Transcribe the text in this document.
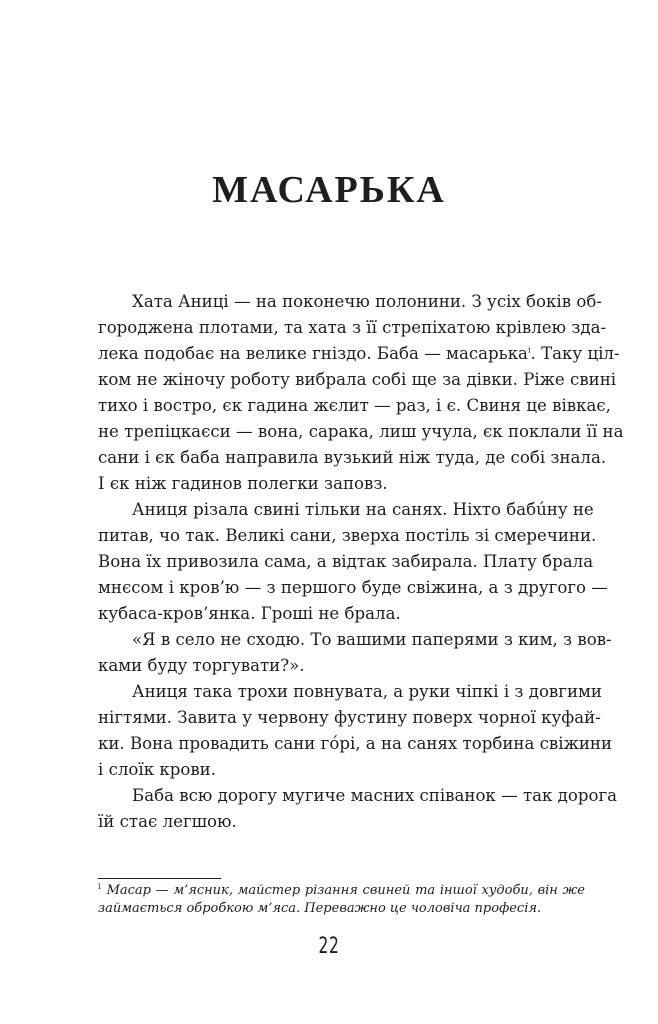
МАСАРЬКА
Хата Аниці — на поконечю полонини. З усіх боків об-
городжена плотами, та хата з її стрепіхатою крівлею зда-
лека подобає на велике гніздо. Баба — масарька$^i$. Таку ціл-
ком не жіночу роботу вибрала собі ще за дівки. Ріже свині
тихо і востро, єк гадина жєлит — раз, і є. Свиня це вівкає,
не трепіцкаєси — вона, сарака, лиш учула, єк поклали її на
сани і єк баба направила вузький ніж туда, де собі знала.
І єк ніж гадинов полегки заповз.
Аниця різала свині тільки на санях. Ніхто бабúну не
питав, чо так. Великі сани, зверха постіль зі смеречини.
Вона їх привозила сама, а відтак забирала. Плату брала
мнєсом і кров’ю — з першого буде свіжина, а з другого —
кубаса-кров’янка. Гроші не брала.
«Я в село не сходю. То вашими паперями з ким, з вов-
ками буду торгувати?».
Аниця така трохи повнувата, а руки чіпкі і з довгими
нігтями. Завита у червону фустину поверх чорної куфай-
ки. Вона провадить сани гóрі, а на санях торбина свіжини
і слоїк крови.
Баба всю дорогу мугиче масних співанок — так дорога
їй стає легшою.
$^i$ Масар — м’ясник, майстер різання свиней та іншої худоби, він же
займається обробкою м’яса. Переважно це чоловіча професія.
22
